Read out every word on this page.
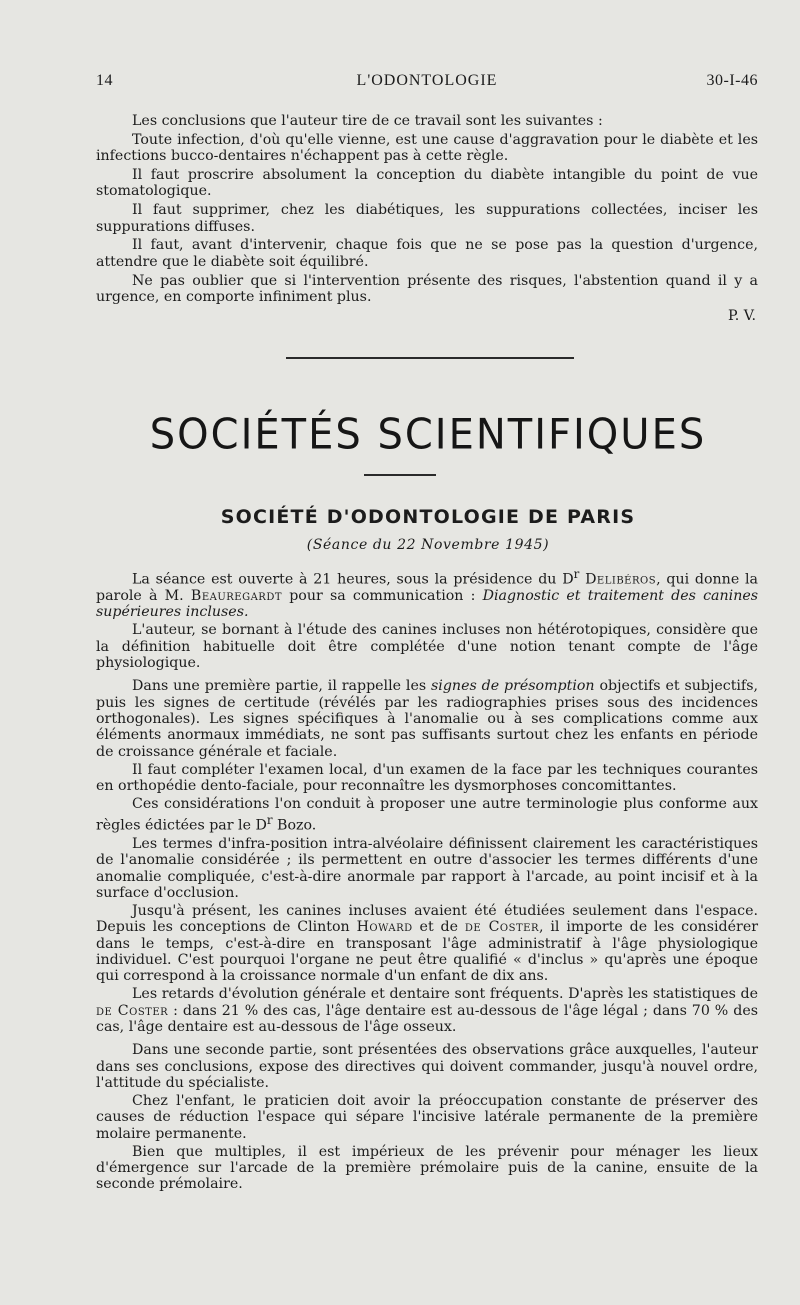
14	L'ODONTOLOGIE	30-I-46

Les conclusions que l'auteur tire de ce travail sont les suivantes :

Toute infection, d'où qu'elle vienne, est une cause d'aggravation pour le diabète et les infections bucco-dentaires n'échappent pas à cette règle.

Il faut proscrire absolument la conception du diabète intangible du point de vue stomatologique.

Il faut supprimer, chez les diabétiques, les suppurations collectées, inciser les suppurations diffuses.

Il faut, avant d'intervenir, chaque fois que ne se pose pas la question d'urgence, attendre que le diabète soit équilibré.

Ne pas oublier que si l'intervention présente des risques, l'abstention quand il y a urgence, en comporte infiniment plus.

P. V.

SOCIÉTÉS SCIENTIFIQUES
SOCIÉTÉ D'ODONTOLOGIE DE PARIS
(Séance du 22 Novembre 1945)

La séance est ouverte à 21 heures, sous la présidence du $D^r$ Delibéros, qui donne la parole à M. Beauregardt pour sa communication : Diagnostic et traitement des canines supérieures incluses.

L'auteur, se bornant à l'étude des canines incluses non hétérotopiques, considère que la définition habituelle doit être complétée d'une notion tenant compte de l'âge physiologique.

Dans une première partie, il rappelle les signes de présomption objectifs et subjectifs, puis les signes de certitude (révélés par les radiographies prises sous des incidences orthogonales). Les signes spécifiques à l'anomalie ou à ses complications comme aux éléments anormaux immédiats, ne sont pas suffisants surtout chez les enfants en période de croissance générale et faciale.

Il faut compléter l'examen local, d'un examen de la face par les techniques courantes en orthopédie dento-faciale, pour reconnaître les dysmorphoses concomittantes.

Ces considérations l'on conduit à proposer une autre terminologie plus conforme aux règles édictées par le $D^r$ Bozo.

Les termes d'infra-position intra-alvéolaire définissent clairement les caractéristiques de l'anomalie considérée ; ils permettent en outre d'associer les termes différents d'une anomalie compliquée, c'est-à-dire anormale par rapport à l'arcade, au point incisif et à la surface d'occlusion.

Jusqu'à présent, les canines incluses avaient été étudiées seulement dans l'espace. Depuis les conceptions de Clinton Howard et de de Coster, il importe de les considérer dans le temps, c'est-à-dire en transposant l'âge administratif à l'âge physiologique individuel. C'est pourquoi l'organe ne peut être qualifié « d'inclus » qu'après une époque qui correspond à la croissance normale d'un enfant de dix ans.

Les retards d'évolution générale et dentaire sont fréquents. D'après les statistiques de de Coster : dans 21 % des cas, l'âge dentaire est au-dessous de l'âge légal ; dans 70 % des cas, l'âge dentaire est au-dessous de l'âge osseux.

Dans une seconde partie, sont présentées des observations grâce auxquelles, l'auteur dans ses conclusions, expose des directives qui doivent commander, jusqu'à nouvel ordre, l'attitude du spécialiste.

Chez l'enfant, le praticien doit avoir la préoccupation constante de préserver des causes de réduction l'espace qui sépare l'incisive latérale permanente de la première molaire permanente.

Bien que multiples, il est impérieux de les prévenir pour ménager les lieux d'émergence sur l'arcade de la première prémolaire puis de la canine, ensuite de la seconde prémolaire.
